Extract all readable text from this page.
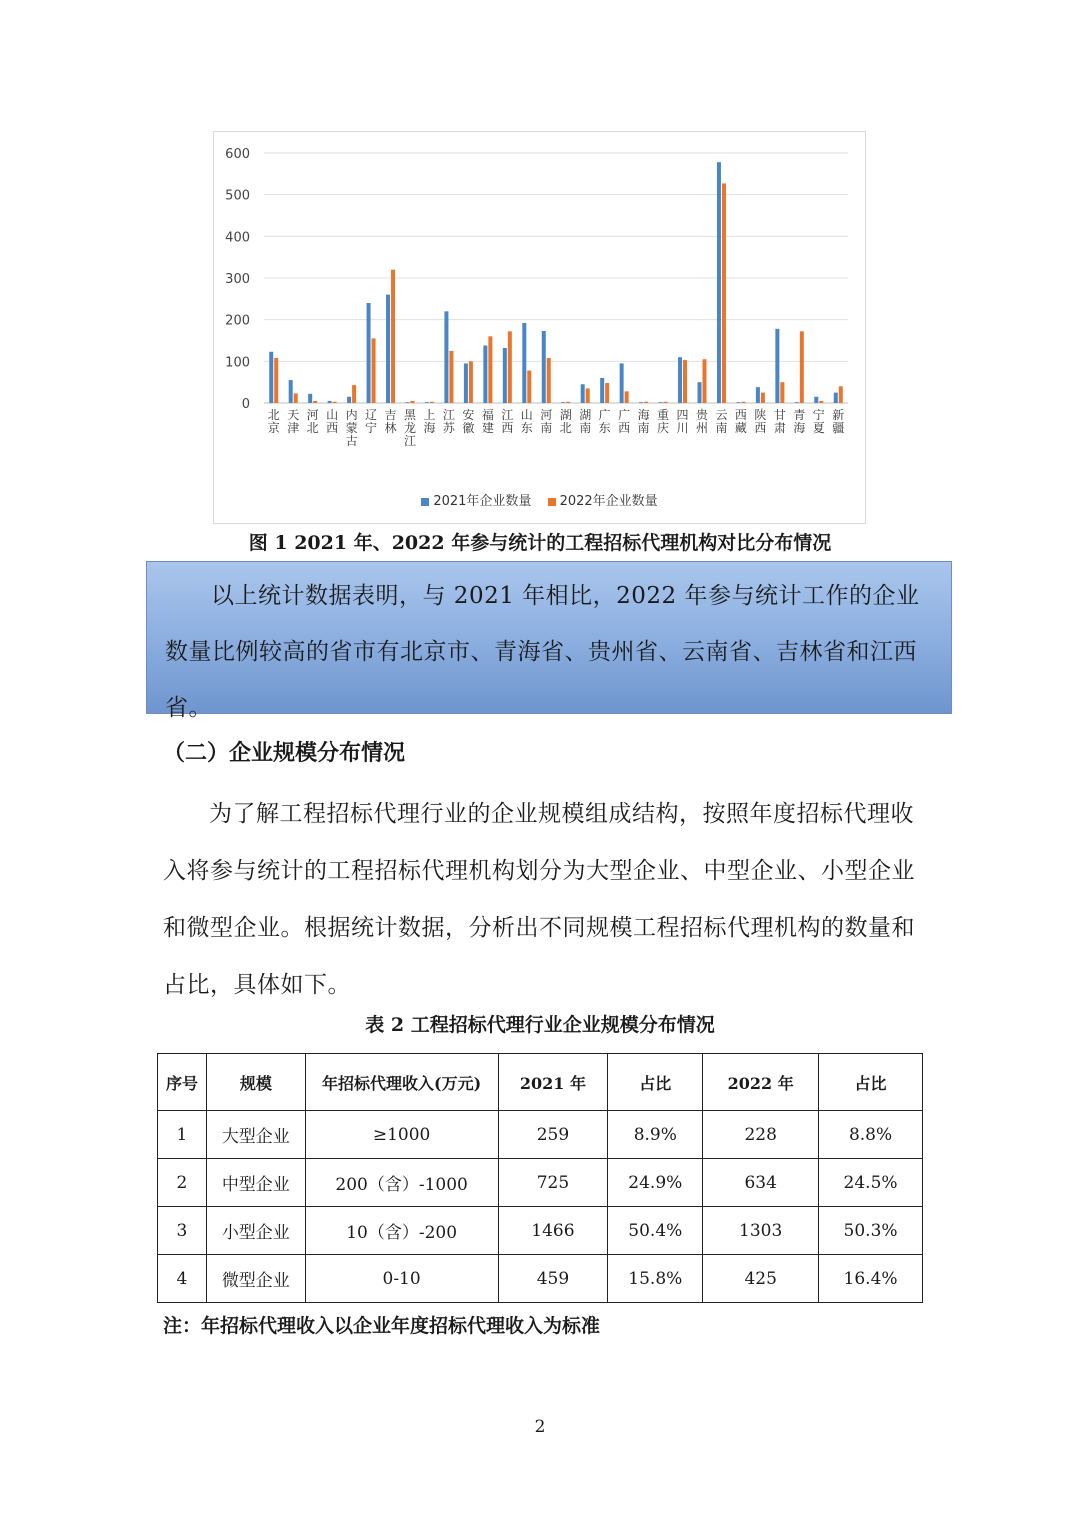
0
100
200
300
400
500
600
北京
天津
河北
山西
内蒙古
辽宁
吉林
黑龙江
上海
江苏
安徽
福建
江西
山东
河南
湖北
湖南
广东
广西
海南
重庆
四川
贵州
云南
西藏
陕西
甘肃
青海
宁夏
新疆
2021年企业数量 2022年企业数量
图 1 2021 年、2022 年参与统计的工程招标代理机构对比分布情况

以上统计数据表明，与 2021 年相比，2022 年参与统计工作的企业数量比例较高的省市有北京市、青海省、贵州省、云南省、吉林省和江西省。

（二）企业规模分布情况

为了解工程招标代理行业的企业规模组成结构，按照年度招标代理收入将参与统计的工程招标代理机构划分为大型企业、中型企业、小型企业和微型企业。根据统计数据，分析出不同规模工程招标代理机构的数量和占比，具体如下。

表 2 工程招标代理行业企业规模分布情况
序号	规模	年招标代理收入(万元)	2021 年	占比	2022 年	占比
1	大型企业	≥1000	259	8.9%	228	8.8%
2	中型企业	200（含）-1000	725	24.9%	634	24.5%
3	小型企业	10（含）-200	1466	50.4%	1303	50.3%
4	微型企业	0-10	459	15.8%	425	16.4%
注：年招标代理收入以企业年度招标代理收入为标准
2
